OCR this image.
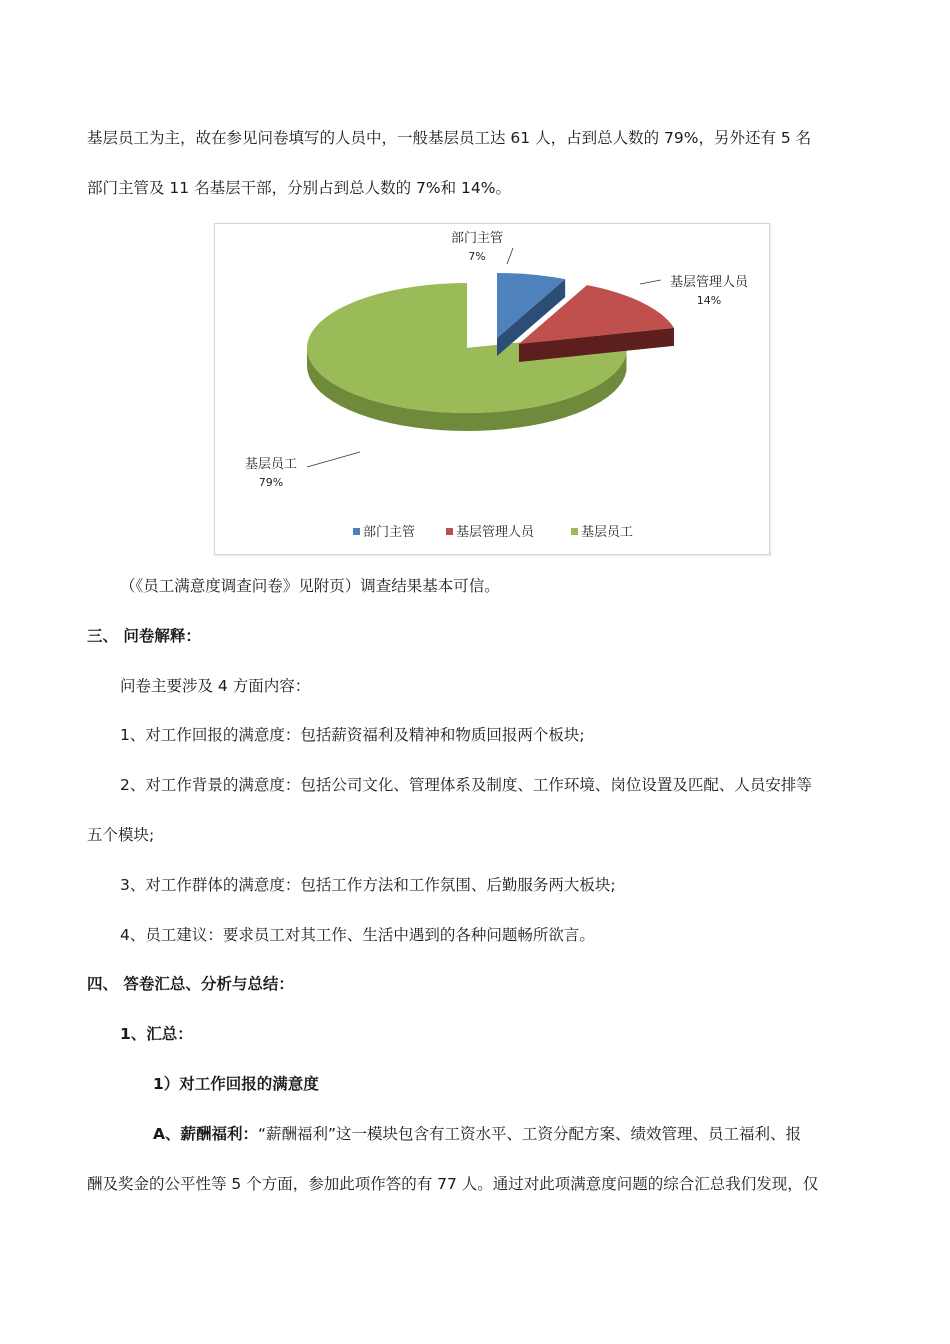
基层员工为主，故在参见问卷填写的人员中，一般基层员工达 61 人，占到总人数的 79%，另外还有 5 名
部门主管及 11 名基层干部，分别占到总人数的 7%和 14%。
部门主管
7%
基层管理人员
14%
基层员工
79%
部门主管	基层管理人员	基层员工
（《员工满意度调查问卷》见附页）调查结果基本可信。
三、 问卷解释：
问卷主要涉及 4 方面内容：
1、对工作回报的满意度：包括薪资福利及精神和物质回报两个板块;
2、对工作背景的满意度：包括公司文化、管理体系及制度、工作环境、岗位设置及匹配、人员安排等
五个模块;
3、对工作群体的满意度：包括工作方法和工作氛围、后勤服务两大板块;
4、员工建议：要求员工对其工作、生活中遇到的各种问题畅所欲言。
四、 答卷汇总、分析与总结：
1、汇总：
1）对工作回报的满意度
A、薪酬福利：“薪酬福利”这一模块包含有工资水平、工资分配方案、绩效管理、员工福利、报
酬及奖金的公平性等 5 个方面，参加此项作答的有 77 人。通过对此项满意度问题的综合汇总我们发现，仅
